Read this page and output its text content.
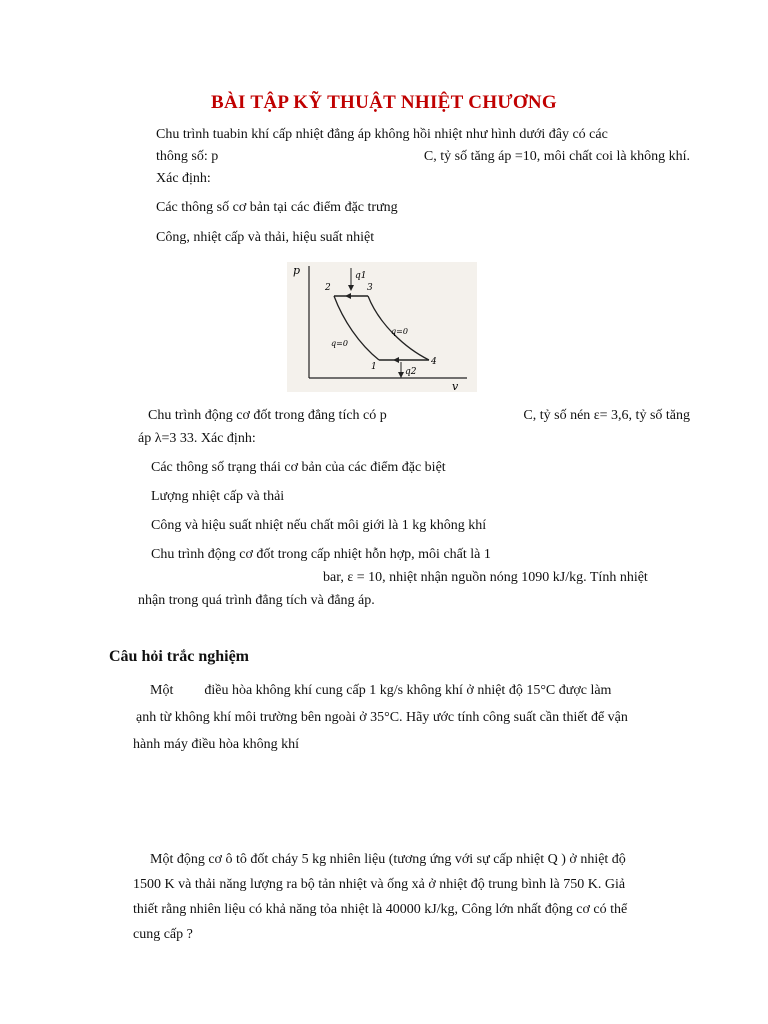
BÀI TẬP KỸ THUẬT NHIỆT CHƯƠNG
Chu trình tuabin khí cấp nhiệt đẳng áp không hồi nhiệt như hình dưới đây có các
thông số: p	C, tỷ số tăng áp =10, môi chất coi là không khí.
Xác định:
Các thông số cơ bản tại các điểm đặc trưng
Công, nhiệt cấp và thải, hiệu suất nhiệt
p
v
2	3
1	4
q1
q2
q=0
q=0
Chu trình động cơ đốt trong đẳng tích có p	C, tỷ số nén ε= 3,6, tỷ số tăng
áp λ=3 33. Xác định:
Các thông số trạng thái cơ bản của các điểm đặc biệt
Lượng nhiệt cấp và thải
Công và hiệu suất nhiệt nếu chất môi giới là 1 kg không khí
Chu trình động cơ đốt trong cấp nhiệt hỗn hợp, môi chất là 1
bar, ε = 10, nhiệt nhận nguồn nóng 1090 kJ/kg. Tính nhiệt
nhận trong quá trình đẳng tích và đẳng áp.
Câu hỏi trắc nghiệm
Một điều hòa không khí cung cấp 1 kg/s không khí ở nhiệt độ 15°C được làm
ạnh từ không khí môi trường bên ngoài ở 35°C. Hãy ước tính công suất cần thiết để vận
hành máy điều hòa không khí
Một động cơ ô tô đốt cháy 5 kg nhiên liệu (tương ứng với sự cấp nhiệt Q ) ở nhiệt độ
1500 K và thải năng lượng ra bộ tản nhiệt và ống xả ở nhiệt độ trung bình là 750 K. Giả
thiết rằng nhiên liệu có khả năng tỏa nhiệt là 40000 kJ/kg, Công lớn nhất động cơ có thể
cung cấp ?
